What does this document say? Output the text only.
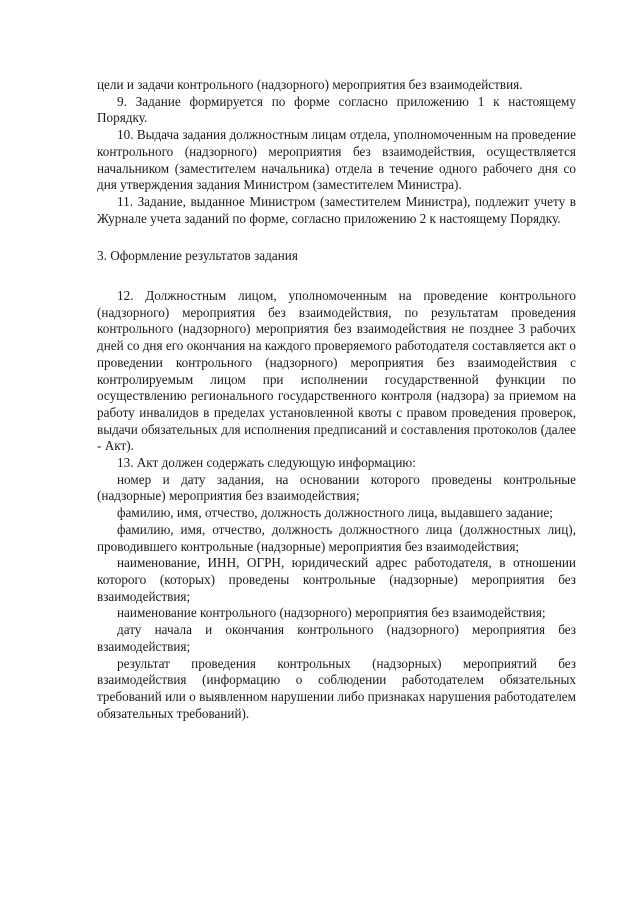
цели и задачи контрольного (надзорного) мероприятия без взаимодействия.

9. Задание формируется по форме согласно приложению 1 к настоящему Порядку.

10. Выдача задания должностным лицам отдела, уполномоченным на проведение контрольного (надзорного) мероприятия без взаимодействия, осуществляется начальником (заместителем начальника) отдела в течение одного рабочего дня со дня утверждения задания Министром (заместителем Министра).

11. Задание, выданное Министром (заместителем Министра), подлежит учету в Журнале учета заданий по форме, согласно приложению 2 к настоящему Порядку.

3. Оформление результатов задания

12. Должностным лицом, уполномоченным на проведение контрольного (надзорного) мероприятия без взаимодействия, по результатам проведения контрольного (надзорного) мероприятия без взаимодействия не позднее 3 рабочих дней со дня его окончания на каждого проверяемого работодателя составляется акт о проведении контрольного (надзорного) мероприятия без взаимодействия с контролируемым лицом при исполнении государственной функции по осуществлению регионального государственного контроля (надзора) за приемом на работу инвалидов в пределах установленной квоты с правом проведения проверок, выдачи обязательных для исполнения предписаний и составления протоколов (далее - Акт).

13. Акт должен содержать следующую информацию:

номер и дату задания, на основании которого проведены контрольные (надзорные) мероприятия без взаимодействия;

фамилию, имя, отчество, должность должностного лица, выдавшего задание;

фамилию, имя, отчество, должность должностного лица (должностных лиц), проводившего контрольные (надзорные) мероприятия без взаимодействия;

наименование, ИНН, ОГРН, юридический адрес работодателя, в отношении которого (которых) проведены контрольные (надзорные) мероприятия без взаимодействия;

наименование контрольного (надзорного) мероприятия без взаимодействия;

дату начала и окончания контрольного (надзорного) мероприятия без взаимодействия;

результат проведения контрольных (надзорных) мероприятий без взаимодействия (информацию о соблюдении работодателем обязательных требований или о выявленном нарушении либо признаках нарушения работодателем обязательных требований).
